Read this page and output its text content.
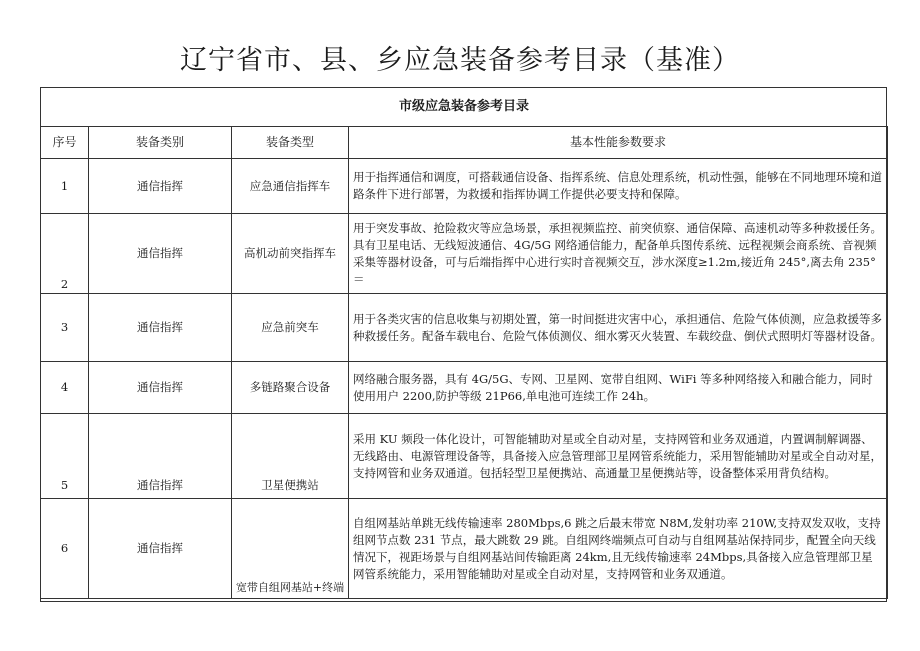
辽宁省市、县、乡应急装备参考目录（基准）
市级应急装备参考目录			
序号	装备类别	装备类型	基本性能参数要求
1	通信指挥	应急通信指挥车	用于指挥通信和调度，可搭载通信设备、指挥系统、信息处理系统，机动性强，能够在不同地理环境和道路条件下进行部署，为救援和指挥协调工作提供必要支持和保障。
2	通信指挥	高机动前突指挥车	用于突发事故、抢险救灾等应急场景，承担视频监控、前突侦察、通信保障、高速机动等多种救援任务。具有卫星电话、无线短波通信、4G/5G 网络通信能力，配备单兵图传系统、远程视频会商系统、音视频采集等器材设备，可与后端指挥中心进行实时音视频交互，涉水深度≥1.2m,接近角 245°,离去角 235°＝
3	通信指挥	应急前突车	用于各类灾害的信息收集与初期处置，第一时间挺进灾害中心，承担通信、危险气体侦测，应急救援等多种救援任务。配备车载电台、危险气体侦测仪、细水雾灭火装置、车载绞盘、倒伏式照明灯等器材设备。
4	通信指挥	多链路聚合设备	网络融合服务器，具有 4G/5G、专网、卫星网、宽带自组网、WiFi 等多种网络接入和融合能力，同时使用用户 2200,防护等级 21P66,单电池可连续工作 24h。
5	通信指挥	卫星便携站	采用 KU 频段一体化设计，可智能辅助对星或全自动对星，支持网管和业务双通道，内置调制解调器、无线路由、电源管理设备等，具备接入应急管理部卫星网管系统能力，采用智能辅助对星或全自动对星，支持网管和业务双通道。包括轻型卫星便携站、高通量卫星便携站等，设备整体采用背负结构。
6	通信指挥	宽带自组网基站+终端	自组网基站单跳无线传输速率 280Mbps,6 跳之后最末带宽 N8M,发射功率 210W,支持双发双收，支持组网节点数 231 节点，最大跳数 29 跳。自组网终端频点可自动与自组网基站保持同步，配置全向天线情况下，视距场景与自组网基站间传输距离 24km,且无线传输速率 24Mbps,具备接入应急管理部卫星网管系统能力，采用智能辅助对星或全自动对星，支持网管和业务双通道。
